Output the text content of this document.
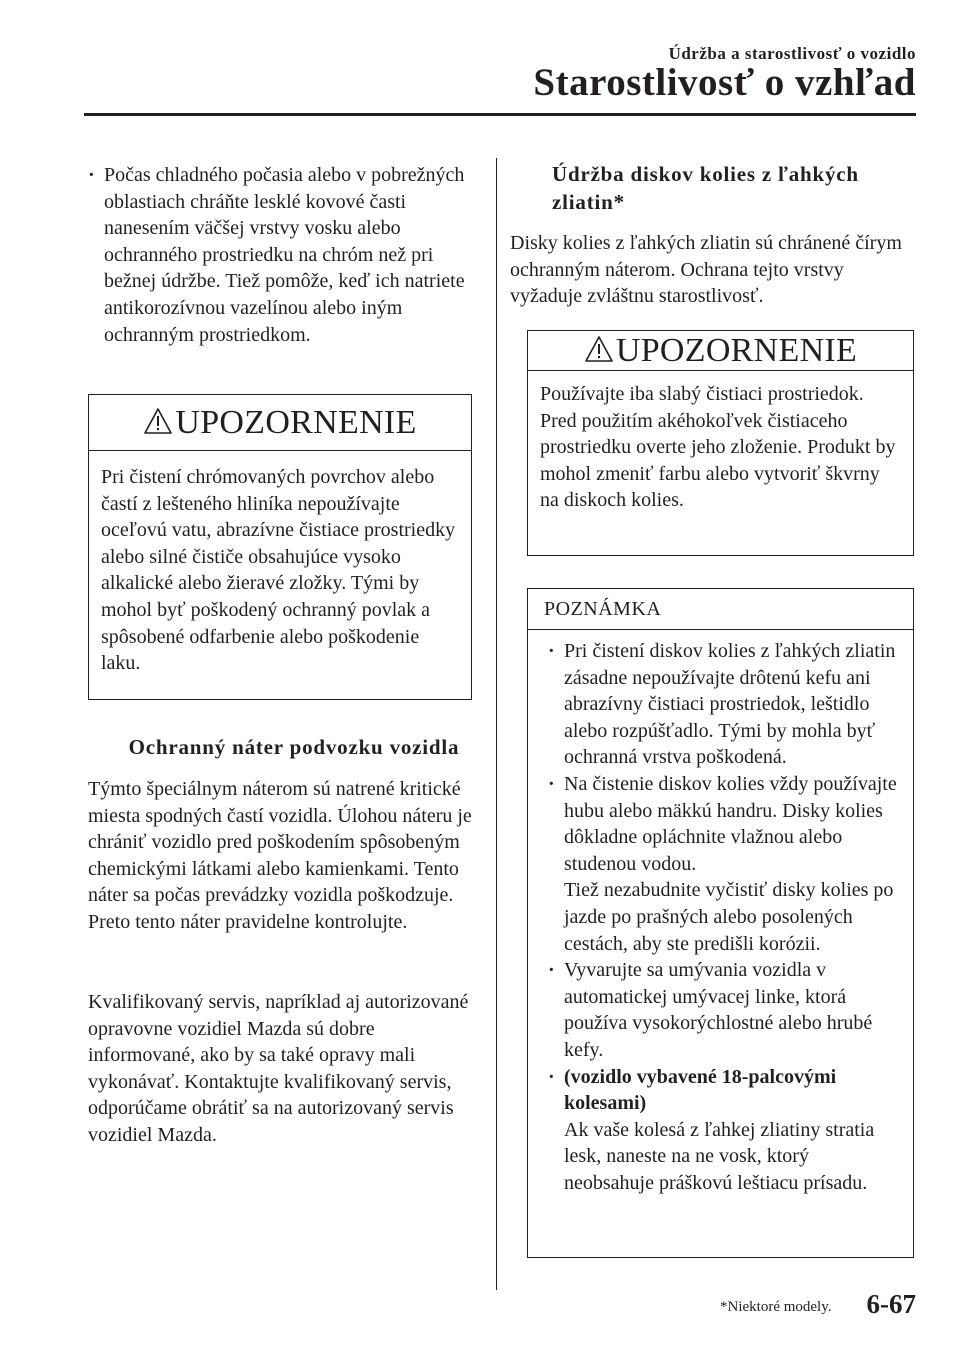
Údržba a starostlivosť o vozidlo
Starostlivosť o vzhľad

· Počas chladného počasia alebo v pobrežných oblastiach chráňte lesklé kovové časti nanesením väčšej vrstvy vosku alebo ochranného prostriedku na chróm než pri bežnej údržbe. Tiež pomôže, keď ich natriete antikorozívnou vazelínou alebo iným ochranným prostriedkom.

UPOZORNENIE
Pri čistení chrómovaných povrchov alebo častí z lešteného hliníka nepoužívajte oceľovú vatu, abrazívne čistiace prostriedky alebo silné čističe obsahujúce vysoko alkalické alebo žieravé zložky. Tými by mohol byť poškodený ochranný povlak a spôsobené odfarbenie alebo poškodenie laku.
Ochranný náter podvozku vozidla

Týmto špeciálnym náterom sú natrené kritické miesta spodných častí vozidla. Úlohou náteru je chrániť vozidlo pred poškodením spôsobeným chemickými látkami alebo kamienkami. Tento náter sa počas prevádzky vozidla poškodzuje. Preto tento náter pravidelne kontrolujte.

Kvalifikovaný servis, napríklad aj autorizované opravovne vozidiel Mazda sú dobre informované, ako by sa také opravy mali vykonávať. Kontaktujte kvalifikovaný servis, odporúčame obrátiť sa na autorizovaný servis vozidiel Mazda.

Údržba diskov kolies z ľahkých zliatin*

Disky kolies z ľahkých zliatin sú chránené čírym ochranným náterom. Ochrana tejto vrstvy vyžaduje zvláštnu starostlivosť.

UPOZORNENIE
Používajte iba slabý čistiaci prostriedok. Pred použitím akéhokoľvek čistiaceho prostriedku overte jeho zloženie. Produkt by mohol zmeniť farbu alebo vytvoriť škvrny na diskoch kolies.
POZNÁMKA

· Pri čistení diskov kolies z ľahkých zliatin zásadne nepoužívajte drôtenú kefu ani abrazívny čistiaci prostriedok, leštidlo alebo rozpúšťadlo. Tými by mohla byť ochranná vrstva poškodená.

· Na čistenie diskov kolies vždy používajte hubu alebo mäkkú handru. Disky kolies dôkladne opláchnite vlažnou alebo studenou vodou.

Tiež nezabudnite vyčistiť disky kolies po jazde po prašných alebo posolených cestách, aby ste predišli korózii.

· Vyvarujte sa umývania vozidla v automatickej umývacej linke, ktorá používa vysokorýchlostné alebo hrubé kefy.

· (vozidlo vybavené 18-palcovými kolesami)

Ak vaše kolesá z ľahkej zliatiny stratia lesk, naneste na ne vosk, ktorý neobsahuje práškovú leštiacu prísadu.

*Niektoré modely. 6-67
